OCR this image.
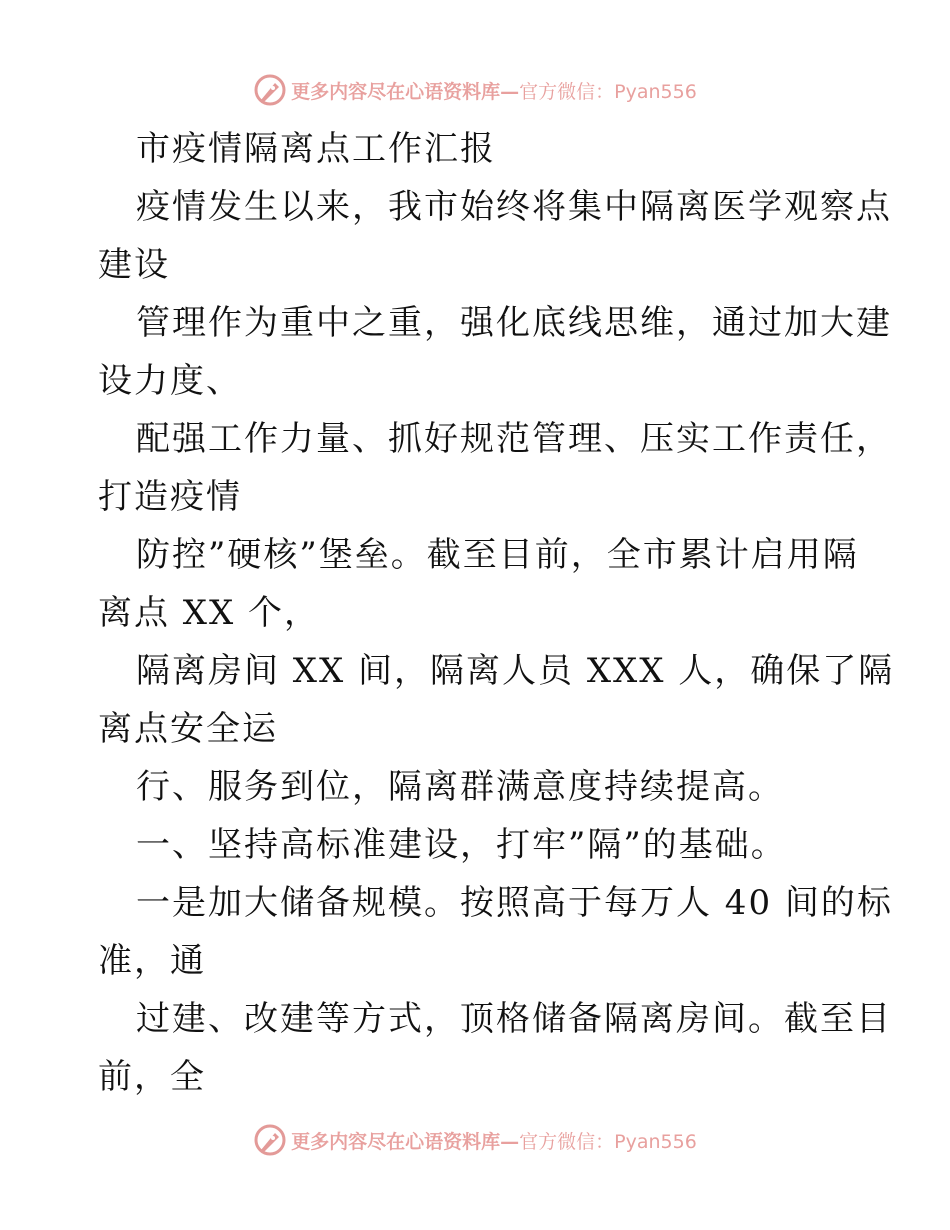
更多内容尽在心语资料库— 官方微信：Pyan556
市疫情隔离点工作汇报
疫情发生以来，我市始终将集中隔离医学观察点
建设
管理作为重中之重，强化底线思维，通过加大建
设力度、
配强工作力量、抓好规范管理、压实工作责任，
打造疫情
防控”硬核”堡垒。截至目前，全市累计启用隔
离点 XX 个，
隔离房间 XX 间，隔离人员 XXX 人，确保了隔
离点安全运
行、服务到位，隔离群满意度持续提高。
一、坚持高标准建设，打牢”隔”的基础。
一是加大储备规模。按照高于每万人 40 间的标
准，通
过建、改建等方式，顶格储备隔离房间。截至目
前，全
更多内容尽在心语资料库— 官方微信：Pyan556
